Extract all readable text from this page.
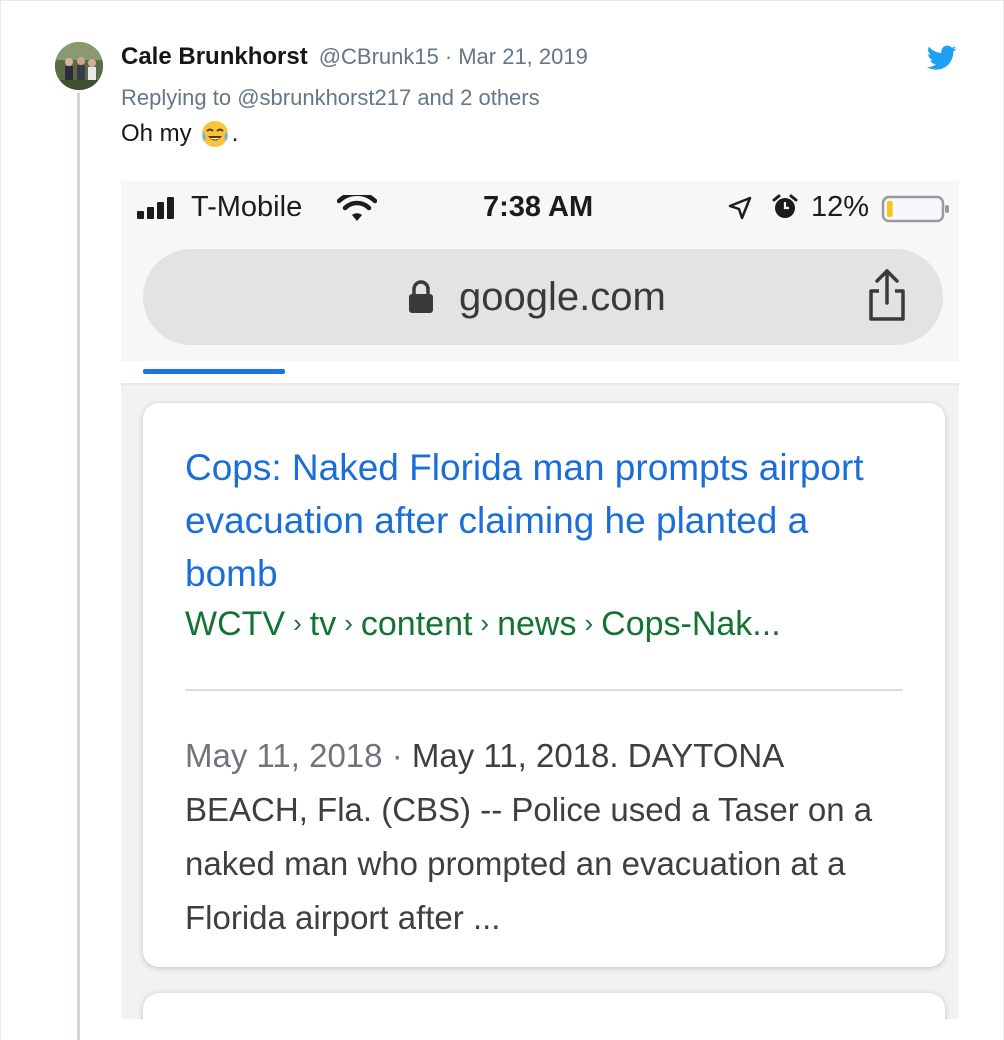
Cale Brunkhorst @CBrunk15 · Mar 21, 2019
Replying to @sbrunkhorst217 and 2 others
Oh my .
T-Mobile	7:38 AM	12%
google.com
Cops: Naked Florida man prompts airport evacuation after claiming he planted a bomb
WCTV › tv › content › news › Cops-Nak...
May 11, 2018 · May 11, 2018. DAYTONA BEACH, Fla. (CBS) -- Police used a Taser on a naked man who prompted an evacuation at a Florida airport after ...
